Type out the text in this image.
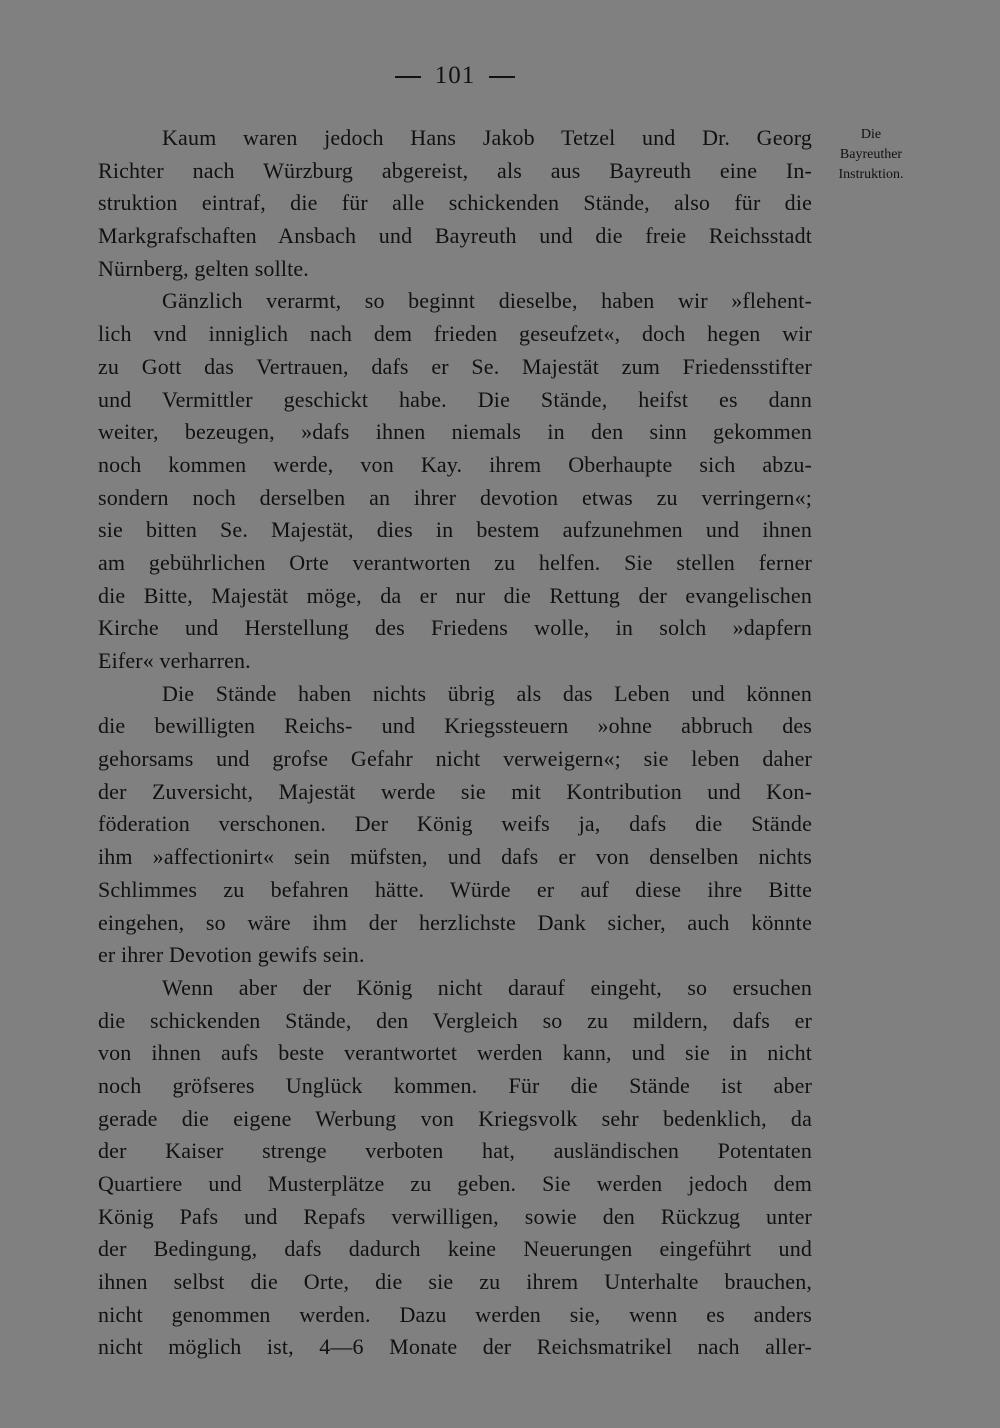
101
Die
Bayreuther
Instruktion.
Kaum waren jedoch Hans Jakob Tetzel und Dr. Georg
Richter nach Würzburg abgereist, als aus Bayreuth eine In-
struktion eintraf, die für alle schickenden Stände, also für die
Markgrafschaften Ansbach und Bayreuth und die freie Reichsstadt
Nürnberg, gelten sollte.
Gänzlich verarmt, so beginnt dieselbe, haben wir »flehent-
lich vnd inniglich nach dem frieden geseufzet«, doch hegen wir
zu Gott das Vertrauen, dafs er Se. Majestät zum Friedensstifter
und Vermittler geschickt habe. Die Stände, heifst es dann
weiter, bezeugen, »dafs ihnen niemals in den sinn gekommen
noch kommen werde, von Kay. ihrem Oberhaupte sich abzu-
sondern noch derselben an ihrer devotion etwas zu verringern«;
sie bitten Se. Majestät, dies in bestem aufzunehmen und ihnen
am gebührlichen Orte verantworten zu helfen. Sie stellen ferner
die Bitte, Majestät möge, da er nur die Rettung der evangelischen
Kirche und Herstellung des Friedens wolle, in solch »dapfern
Eifer« verharren.
Die Stände haben nichts übrig als das Leben und können
die bewilligten Reichs- und Kriegssteuern »ohne abbruch des
gehorsams und grofse Gefahr nicht verweigern«; sie leben daher
der Zuversicht, Majestät werde sie mit Kontribution und Kon-
föderation verschonen. Der König weifs ja, dafs die Stände
ihm »affectionirt« sein müfsten, und dafs er von denselben nichts
Schlimmes zu befahren hätte. Würde er auf diese ihre Bitte
eingehen, so wäre ihm der herzlichste Dank sicher, auch könnte
er ihrer Devotion gewifs sein.
Wenn aber der König nicht darauf eingeht, so ersuchen
die schickenden Stände, den Vergleich so zu mildern, dafs er
von ihnen aufs beste verantwortet werden kann, und sie in nicht
noch gröfseres Unglück kommen. Für die Stände ist aber
gerade die eigene Werbung von Kriegsvolk sehr bedenklich, da
der Kaiser strenge verboten hat, ausländischen Potentaten
Quartiere und Musterplätze zu geben. Sie werden jedoch dem
König Pafs und Repafs verwilligen, sowie den Rückzug unter
der Bedingung, dafs dadurch keine Neuerungen eingeführt und
ihnen selbst die Orte, die sie zu ihrem Unterhalte brauchen,
nicht genommen werden. Dazu werden sie, wenn es anders
nicht möglich ist, 4—6 Monate der Reichsmatrikel nach aller-
